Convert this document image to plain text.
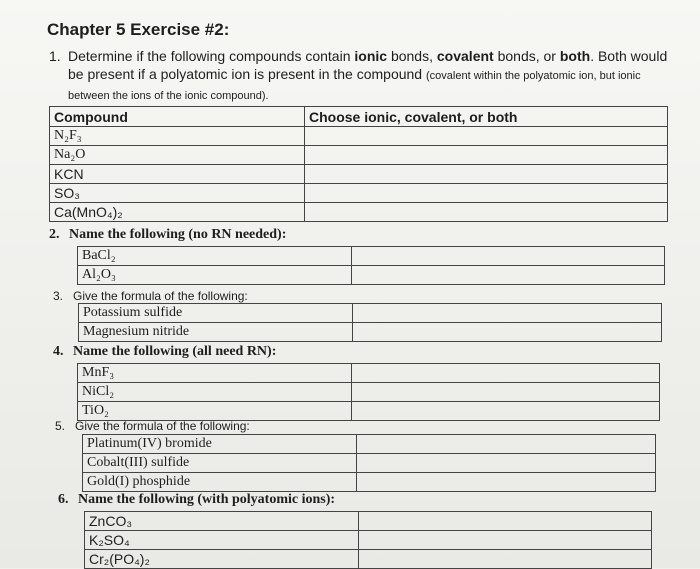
Chapter 5 Exercise #2:

1. Determine if the following compounds contain ionic bonds, covalent bonds, or both. Both would be present if a polyatomic ion is present in the compound (covalent within the polyatomic ion, but ionic between the ions of the ionic compound).

Compound	Choose ionic, covalent, or both
N₂F₃	
Na₂O	
KCN	
SO₃	
Ca(MnO₄)₂	
2. Name the following (no RN needed):
BaCl₂	
Al₂O₃	
3. Give the formula of the following:
Potassium sulfide	
Magnesium nitride	
4. Name the following (all need RN):
MnF₃	
NiCl₂	
TiO₂	
5. Give the formula of the following:
Platinum(IV) bromide	
Cobalt(III) sulfide	
Gold(I) phosphide	
6. Name the following (with polyatomic ions):
ZnCO₃	
K₂SO₄	
Cr₂(PO₄)₂	
